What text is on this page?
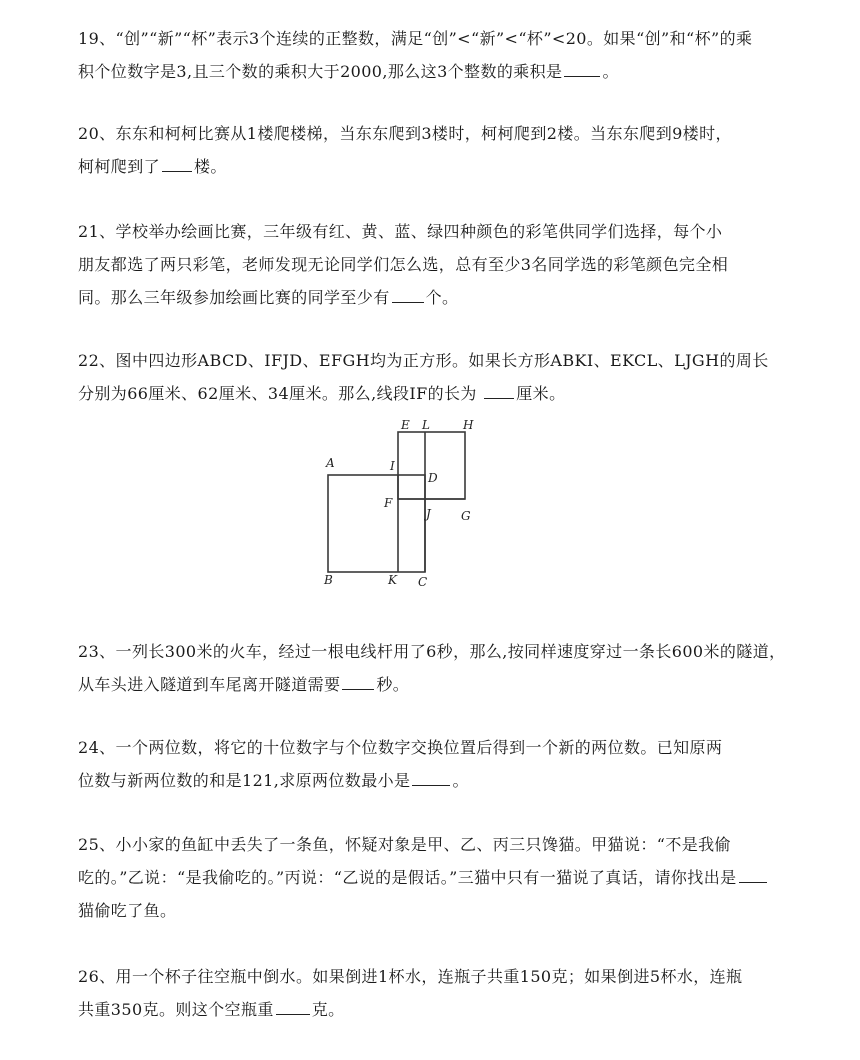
19、“创”“新”“杯”表示3个连续的正整数，满足“创”<“新”<“杯”<20。如果“创”和“杯”的乘
积个位数字是3,且三个数的乘积大于2000,那么这3个整数的乘积是	。
20、东东和柯柯比赛从1楼爬楼梯，当东东爬到3楼时，柯柯爬到2楼。当东东爬到9楼时，
柯柯爬到了 楼。
21、学校举办绘画比赛，三年级有红、黄、蓝、绿四种颜色的彩笔供同学们选择，每个小
朋友都选了两只彩笔，老师发现无论同学们怎么选，总有至少3名同学选的彩笔颜色完全相
同。那么三年级参加绘画比赛的同学至少有 个。
22、图中四边形ABCD、IFJD、EFGH均为正方形。如果长方形ABKI、EKCL、LJGH的周长
分别为66厘米、62厘米、34厘米。那么,线段IF的长为 厘米。
E L	H
A	I
D
F
J	G
B	K C
23、一列长300米的火车，经过一根电线杆用了6秒，那么,按同样速度穿过一条长600米的隧道，
从车头进入隧道到车尾离开隧道需要 秒。
24、一个两位数，将它的十位数字与个位数字交换位置后得到一个新的两位数。已知原两
位数与新两位数的和是121,求原两位数最小是	。
25、小小家的鱼缸中丢失了一条鱼，怀疑对象是甲、乙、丙三只馋猫。甲猫说：“不是我偷
吃的。”乙说：“是我偷吃的。”丙说：“乙说的是假话。”三猫中只有一猫说了真话，请你找出是
猫偷吃了鱼。
26、用一个杯子往空瓶中倒水。如果倒进1杯水，连瓶子共重150克；如果倒进5杯水，连瓶
共重350克。则这个空瓶重 克。
